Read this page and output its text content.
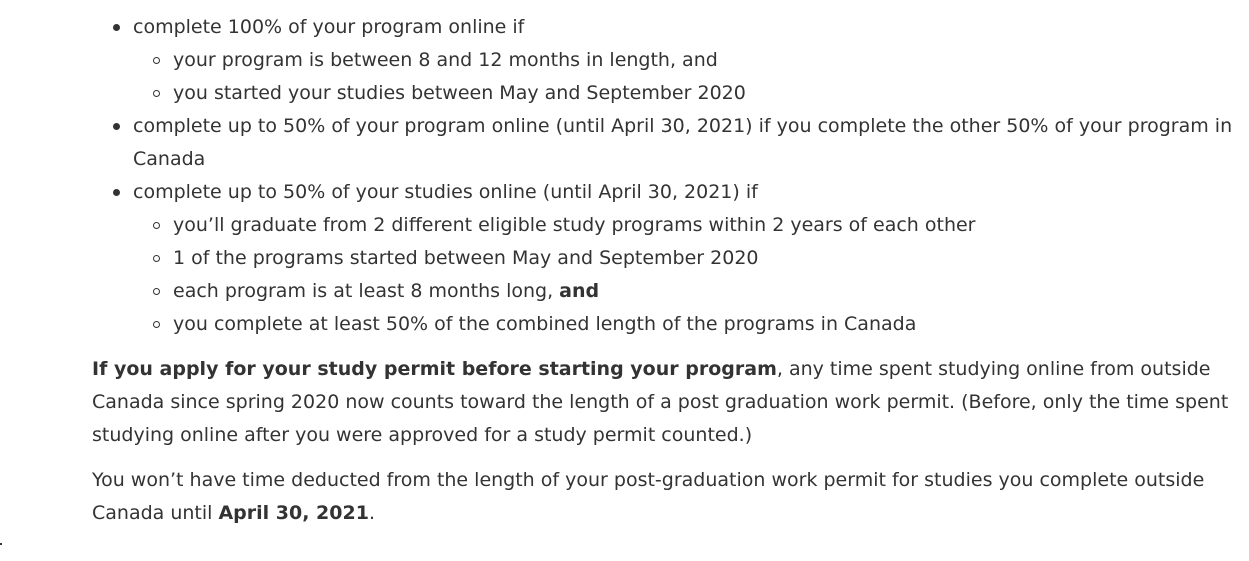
complete 100% of your program online if
your program is between 8 and 12 months in length, and
you started your studies between May and September 2020
complete up to 50% of your program online (until April 30, 2021) if you complete the other 50% of your program in Canada
complete up to 50% of your studies online (until April 30, 2021) if
you’ll graduate from 2 different eligible study programs within 2 years of each other
1 of the programs started between May and September 2020
each program is at least 8 months long, and
you complete at least 50% of the combined length of the programs in Canada

If you apply for your study permit before starting your program, any time spent studying online from outside Canada since spring 2020 now counts toward the length of a post graduation work permit. (Before, only the time spent studying online after you were approved for a study permit counted.)

You won’t have time deducted from the length of your post-graduation work permit for studies you complete outside Canada until April 30, 2021.
